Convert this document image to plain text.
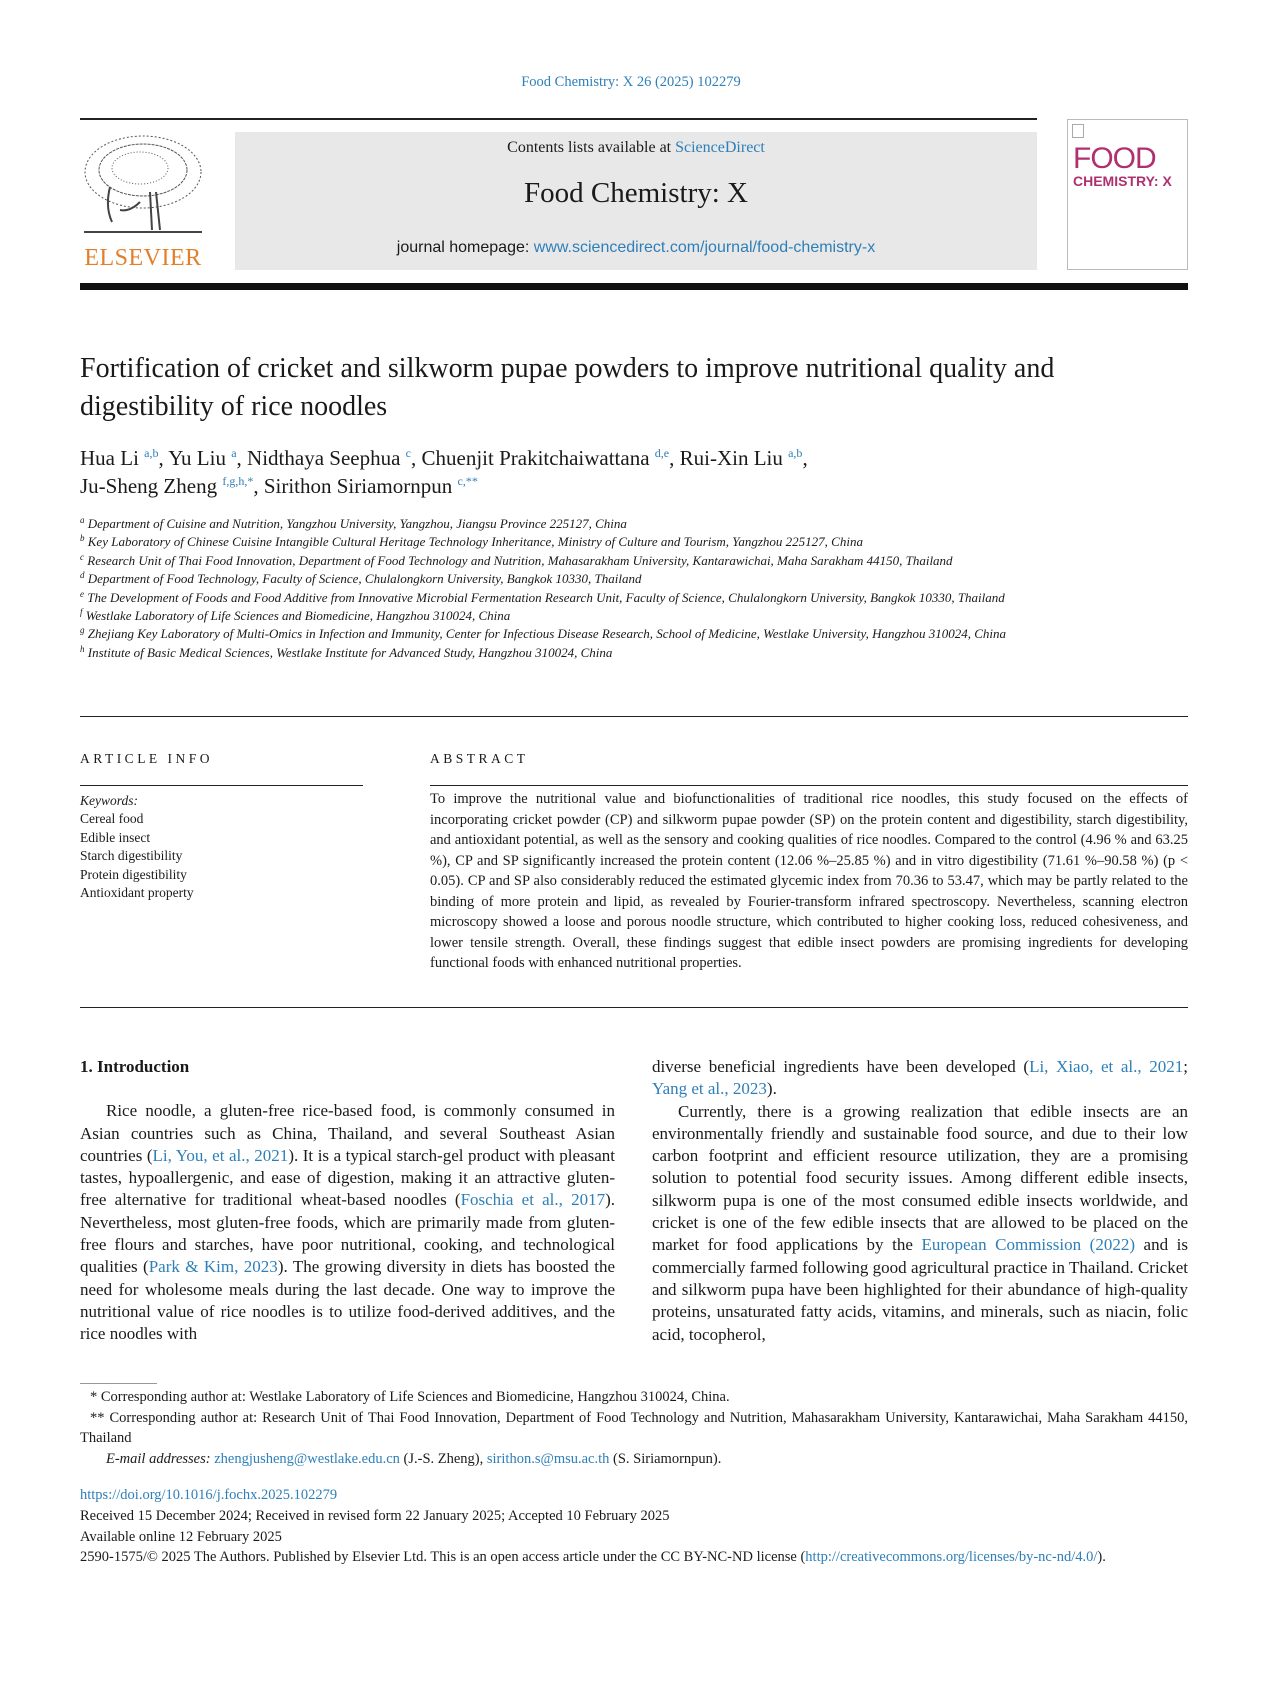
Food Chemistry: X 26 (2025) 102279
ELSEVIER
Contents lists available at ScienceDirect
Food Chemistry: X
journal homepage: www.sciencedirect.com/journal/food-chemistry-x
FOOD
CHEMISTRY: X
Fortification of cricket and silkworm pupae powders to improve nutritional quality and digestibility of rice noodles
Hua Li $^{a,b}$, Yu Liu $^a$, Nidthaya Seephua $^c$, Chuenjit Prakitchaiwattana $^{d,e}$, Rui-Xin Liu $^{a,b}$,
Ju-Sheng Zheng $^{f,g,h,*}$, Sirithon Siriamornpun $^{c,**}$
$^a$ Department of Cuisine and Nutrition, Yangzhou University, Yangzhou, Jiangsu Province 225127, China
$^b$ Key Laboratory of Chinese Cuisine Intangible Cultural Heritage Technology Inheritance, Ministry of Culture and Tourism, Yangzhou 225127, China
$^c$ Research Unit of Thai Food Innovation, Department of Food Technology and Nutrition, Mahasarakham University, Kantarawichai, Maha Sarakham 44150, Thailand
$^d$ Department of Food Technology, Faculty of Science, Chulalongkorn University, Bangkok 10330, Thailand
$^e$ The Development of Foods and Food Additive from Innovative Microbial Fermentation Research Unit, Faculty of Science, Chulalongkorn University, Bangkok 10330, Thailand
$^f$ Westlake Laboratory of Life Sciences and Biomedicine, Hangzhou 310024, China
$^g$ Zhejiang Key Laboratory of Multi-Omics in Infection and Immunity, Center for Infectious Disease Research, School of Medicine, Westlake University, Hangzhou 310024, China
$^h$ Institute of Basic Medical Sciences, Westlake Institute for Advanced Study, Hangzhou 310024, China
ARTICLE INFO
Keywords:
Cereal food
Edible insect
Starch digestibility
Protein digestibility
Antioxidant property
ABSTRACT
To improve the nutritional value and biofunctionalities of traditional rice noodles, this study focused on the effects of incorporating cricket powder (CP) and silkworm pupae powder (SP) on the protein content and digestibility, starch digestibility, and antioxidant potential, as well as the sensory and cooking qualities of rice noodles. Compared to the control (4.96 % and 63.25 %), CP and SP significantly increased the protein content (12.06 %–25.85 %) and in vitro digestibility (71.61 %–90.58 %) (p < 0.05). CP and SP also considerably reduced the estimated glycemic index from 70.36 to 53.47, which may be partly related to the binding of more protein and lipid, as revealed by Fourier-transform infrared spectroscopy. Nevertheless, scanning electron microscopy showed a loose and porous noodle structure, which contributed to higher cooking loss, reduced cohesiveness, and lower tensile strength. Overall, these findings suggest that edible insect powders are promising ingredients for developing functional foods with enhanced nutritional properties.
1. Introduction

Rice noodle, a gluten-free rice-based food, is commonly consumed in Asian countries such as China, Thailand, and several Southeast Asian countries (Li, You, et al., 2021). It is a typical starch-gel product with pleasant tastes, hypoallergenic, and ease of digestion, making it an attractive gluten-free alternative for traditional wheat-based noodles (Foschia et al., 2017). Nevertheless, most gluten-free foods, which are primarily made from gluten-free flours and starches, have poor nutritional, cooking, and technological qualities (Park & Kim, 2023). The growing diversity in diets has boosted the need for wholesome meals during the last decade. One way to improve the nutritional value of rice noodles is to utilize food-derived additives, and the rice noodles with

diverse beneficial ingredients have been developed (Li, Xiao, et al., 2021; Yang et al., 2023).

Currently, there is a growing realization that edible insects are an environmentally friendly and sustainable food source, and due to their low carbon footprint and efficient resource utilization, they are a promising solution to potential food security issues. Among different edible insects, silkworm pupa is one of the most consumed edible insects worldwide, and cricket is one of the few edible insects that are allowed to be placed on the market for food applications by the European Commission (2022) and is commercially farmed following good agricultural practice in Thailand. Cricket and silkworm pupa have been highlighted for their abundance of high-quality proteins, unsaturated fatty acids, vitamins, and minerals, such as niacin, folic acid, tocopherol,

* Corresponding author at: Westlake Laboratory of Life Sciences and Biomedicine, Hangzhou 310024, China.
** Corresponding author at: Research Unit of Thai Food Innovation, Department of Food Technology and Nutrition, Mahasarakham University, Kantarawichai, Maha Sarakham 44150, Thailand
E-mail addresses: zhengjusheng@westlake.edu.cn (J.-S. Zheng), sirithon.s@msu.ac.th (S. Siriamornpun).
https://doi.org/10.1016/j.fochx.2025.102279
Received 15 December 2024; Received in revised form 22 January 2025; Accepted 10 February 2025
Available online 12 February 2025
2590-1575/© 2025 The Authors. Published by Elsevier Ltd. This is an open access article under the CC BY-NC-ND license (http://creativecommons.org/licenses/by-nc-nd/4.0/).
